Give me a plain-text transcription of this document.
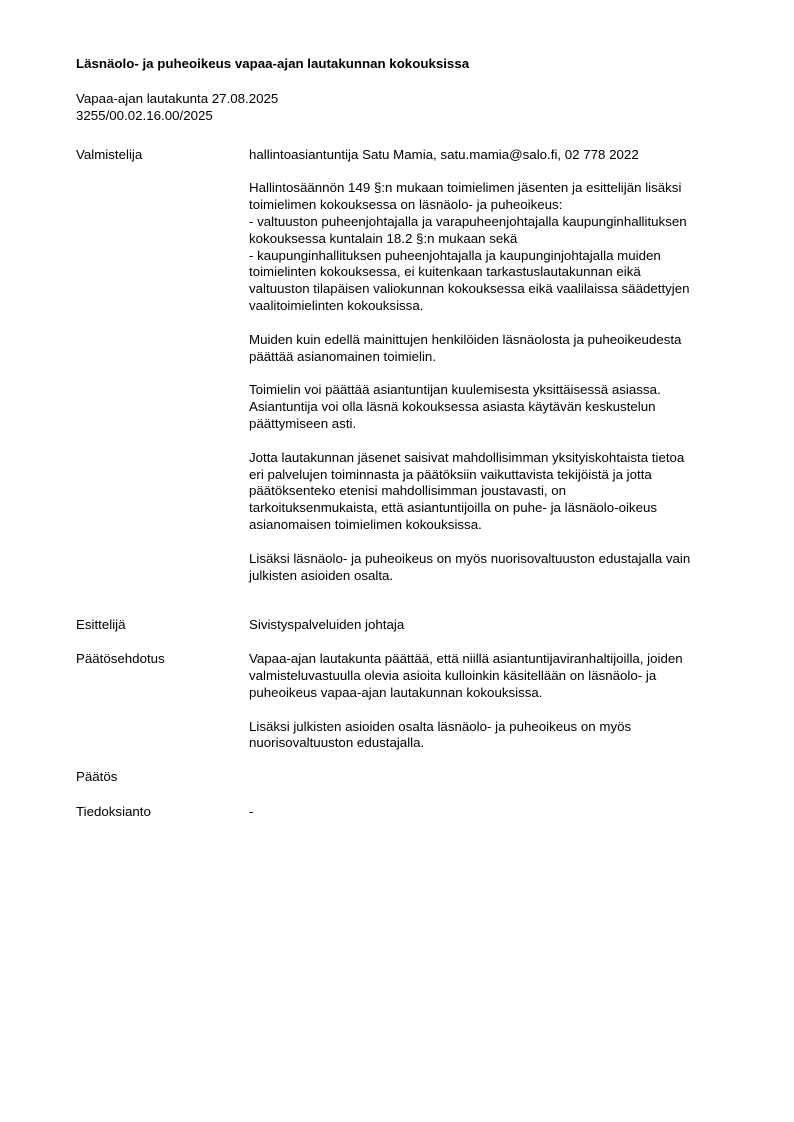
Läsnäolo- ja puheoikeus vapaa-ajan lautakunnan kokouksissa
Vapaa-ajan lautakunta 27.08.2025
3255/00.02.16.00/2025
Valmistelija	hallintoasiantuntija Satu Mamia, satu.mamia@salo.fi, 02 778 2022

Hallintosäännön 149 §:n mukaan toimielimen jäsenten ja esittelijän lisäksi
toimielimen kokouksessa on läsnäolo- ja puheoikeus:
- valtuuston puheenjohtajalla ja varapuheenjohtajalla kaupunginhallituksen
kokouksessa kuntalain 18.2 §:n mukaan sekä
- kaupunginhallituksen puheenjohtajalla ja kaupunginjohtajalla muiden
toimielinten kokouksessa, ei kuitenkaan tarkastuslautakunnan eikä
valtuuston tilapäisen valiokunnan kokouksessa eikä vaalilaissa säädettyjen
vaalitoimielinten kokouksissa.

Muiden kuin edellä mainittujen henkilöiden läsnäolosta ja puheoikeudesta
päättää asianomainen toimielin.

Toimielin voi päättää asiantuntijan kuulemisesta yksittäisessä asiassa.
Asiantuntija voi olla läsnä kokouksessa asiasta käytävän keskustelun
päättymiseen asti.

Jotta lautakunnan jäsenet saisivat mahdollisimman yksityiskohtaista tietoa
eri palvelujen toiminnasta ja päätöksiin vaikuttavista tekijöistä ja jotta
päätöksenteko etenisi mahdollisimman joustavasti, on
tarkoituksenmukaista, että asiantuntijoilla on puhe- ja läsnäolo-oikeus
asianomaisen toimielimen kokouksissa.

Lisäksi läsnäolo- ja puheoikeus on myös nuorisovaltuuston edustajalla vain
julkisten asioiden osalta.

Esittelijä	Sivistyspalveluiden johtaja
Päätösehdotus	Vapaa-ajan lautakunta päättää, että niillä asiantuntijaviranhaltijoilla, joiden
valmisteluvastuulla olevia asioita kulloinkin käsitellään on läsnäolo- ja
puheoikeus vapaa-ajan lautakunnan kokouksissa.

Lisäksi julkisten asioiden osalta läsnäolo- ja puheoikeus on myös
nuorisovaltuuston edustajalla.

Päätös
Tiedoksianto	-
